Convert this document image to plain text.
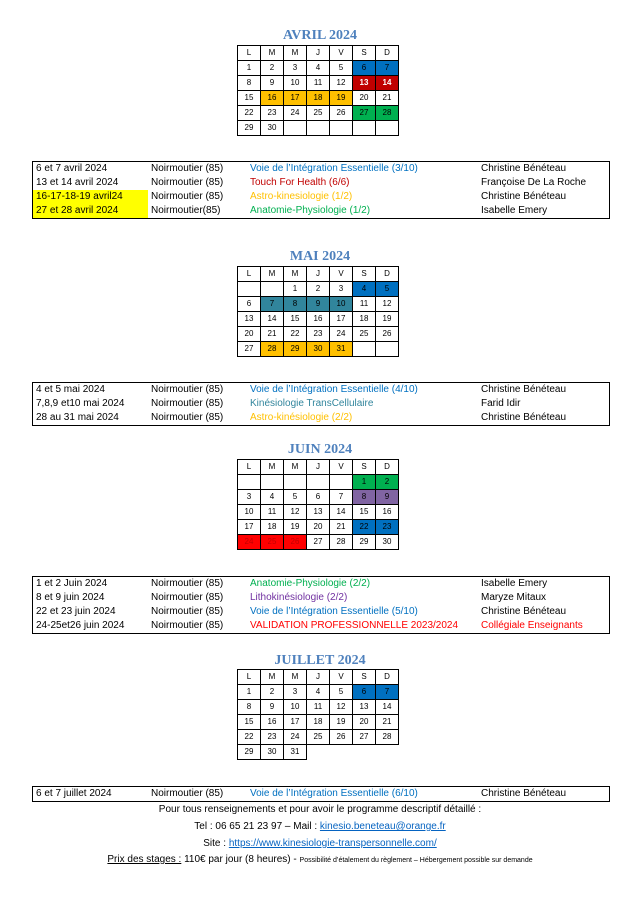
AVRIL 2024
L	M	M	J	V	S	D
1	2	3	4	5	6	7
8	9	10	11	12	13	14
15	16	17	18	19	20	21
22	23	24	25	26	27	28
29	30					
6 et 7 avril 2024	Noirmoutier (85)	Voie de l’Intégration Essentielle (3/10)	Christine Bénéteau
13 et 14 avril 2024	Noirmoutier (85)	Touch For Health (6/6)	Françoise De La Roche
16-17-18-19 avril24	Noirmoutier (85)	Astro-kinesiologie (1/2)	Christine Bénéteau
27 et 28 avril 2024	Noirmoutier(85)	Anatomie-Physiologie (1/2)	Isabelle Emery
MAI 2024
L	M	M	J	V	S	D
		1	2	3	4	5
6	7	8	9	10	11	12
13	14	15	16	17	18	19
20	21	22	23	24	25	26
27	28	29	30	31		
4 et 5 mai 2024	Noirmoutier (85)	Voie de l’Intégration Essentielle (4/10)	Christine Bénéteau
7,8,9 et10 mai 2024	Noirmoutier (85)	Kinésiologie TransCellulaire	Farid Idir
28 au 31 mai 2024	Noirmoutier (85)	Astro-kinésiologie (2/2)	Christine Bénéteau
JUIN 2024
L	M	M	J	V	S	D
					1	2
3	4	5	6	7	8	9
10	11	12	13	14	15	16
17	18	19	20	21	22	23
24	25	26	27	28	29	30
1 et 2 Juin 2024	Noirmoutier (85)	Anatomie-Physiologie (2/2)	Isabelle Emery
8 et 9 juin 2024	Noirmoutier (85)	Lithokinésiologie (2/2)	Maryze Mitaux
22 et 23 juin 2024	Noirmoutier (85)	Voie de l’Intégration Essentielle (5/10)	Christine Bénéteau
24-25et26 juin 2024	Noirmoutier (85)	VALIDATION PROFESSIONNELLE 2023/2024	Collégiale Enseignants
JUILLET 2024
L	M	M	J	V	S	D
1	2	3	4	5	6	7
8	9	10	11	12	13	14
15	16	17	18	19	20	21
22	23	24	25	26	27	28
29	30	31				
6 et 7 juillet 2024	Noirmoutier (85)	Voie de l’Intégration Essentielle (6/10)	Christine Bénéteau
Pour tous renseignements et pour avoir le programme descriptif détaillé :
Tel : 06 65 21 23 97 – Mail : kinesio.beneteau@orange.fr
Site : https://www.kinesiologie-transpersonnelle.com/
Prix des stages : 110€ par jour (8 heures) - Possibilité d’étalement du règlement – Hébergement possible sur demande
